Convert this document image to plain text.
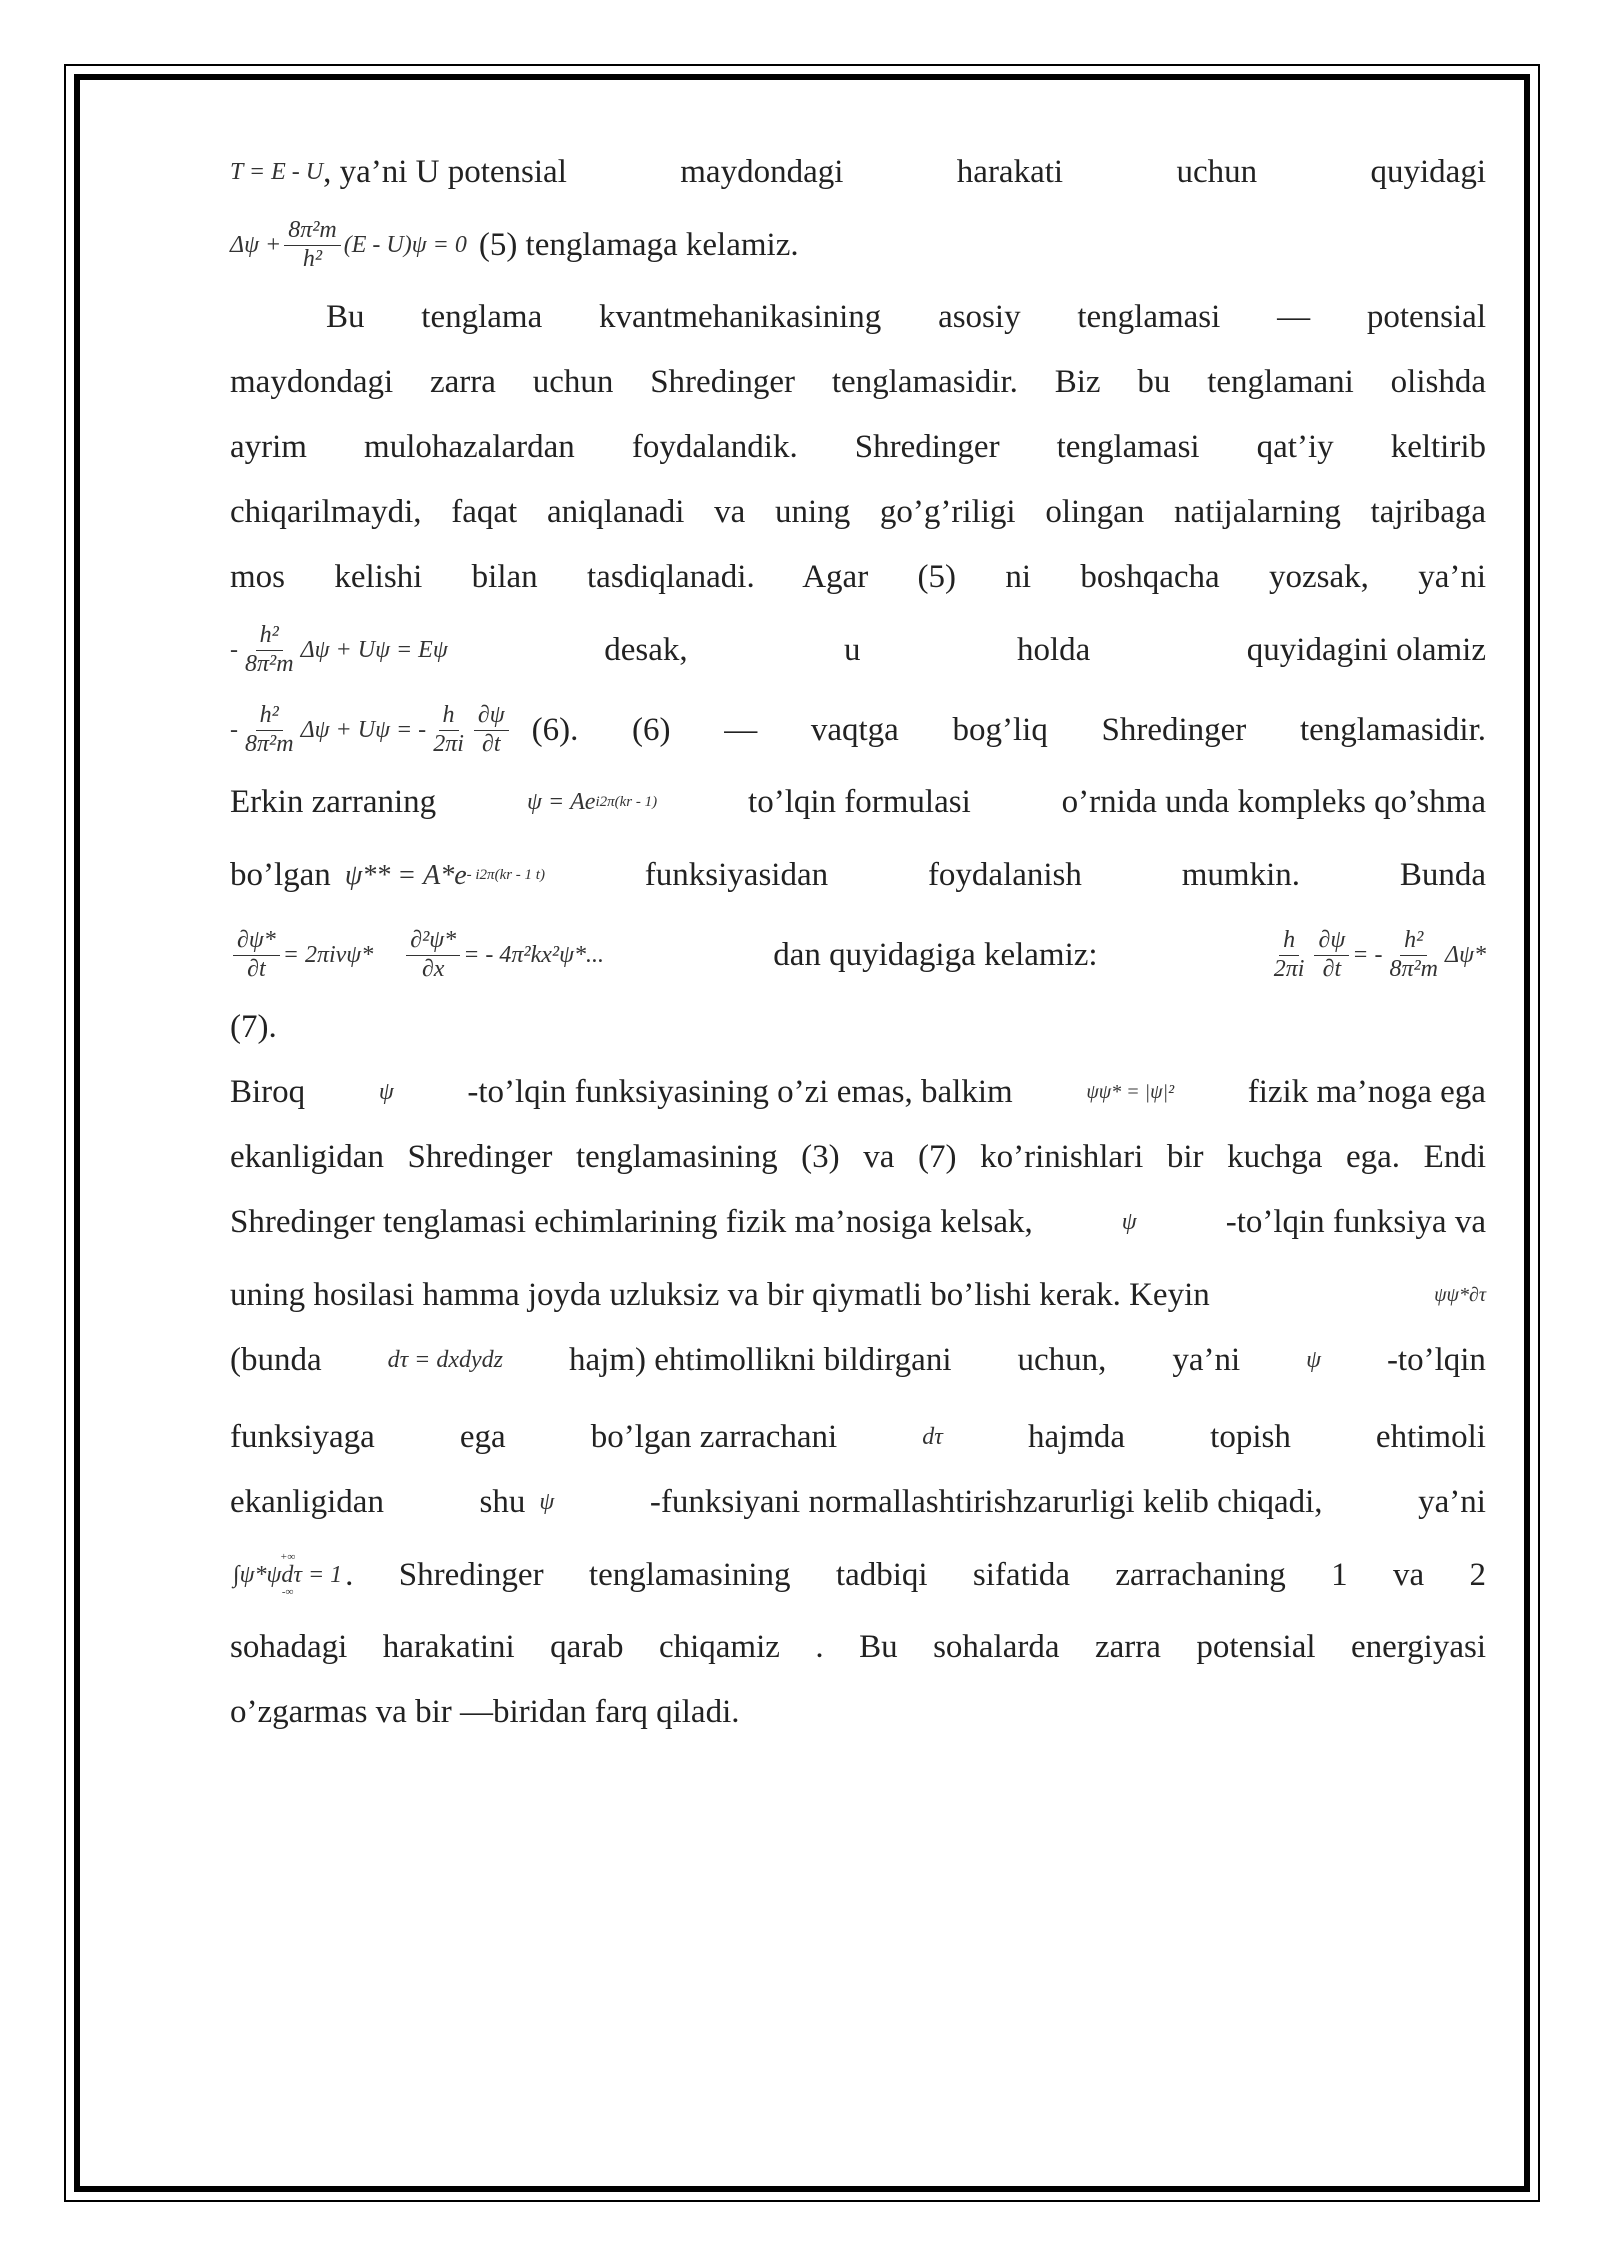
T = E - U , ya’ni U potensial	maydondagi	harakati	uchun	quyidagi
$\Delta\psi + \frac{\text{8π²m}}{\text{h²}} (E - U)\psi = 0$ (5) tenglamaga kelamiz.
Bu tenglama kvantmehanikasining asosiy tenglamasi — potensial
maydondagi zarra uchun Shredinger tenglamasidir. Biz bu tenglamani olishda
ayrim mulohazalardan foydalandik. Shredinger tenglamasi qat’iy keltirib
chiqarilmaydi, faqat aniqlanadi va uning go’g’riligi olingan natijalarning tajribaga
mos kelishi bilan tasdiqlanadi. Agar (5) ni boshqacha yozsak, ya’ni
- $\frac{\text{h²}}{\text{8π²m}}$ Δψ + Uψ = Eψ	desak,	u	holda	quyidagini olamiz
- $\frac{\text{h²}}{\text{8π²m}}$ Δψ + Uψ = - $\frac{h}{2\pi i} \frac{\partial\psi}{\partial t} (6)$. (6) — vaqtga bog’liq Shredinger tenglamasidir.
Erkin zarraning	ψ = Ae i2π(kr - 1)	to’lqin formulasi	o’rnida unda kompleks qo’shma
bo’lgan ψ** = A*e - i2π(kr - 1 t)	funksiyasidan	foydalanish	mumkin.	Bunda
$\frac{\partial\psi*}{\partial t} = 2\pi iv\psi* \frac{\text{∂²ψ*}}{\partial x}$ = - 4π²kx²ψ*...	dan quyidagiga kelamiz:	$\frac{h}{2\pi i} \frac{\partial\psi}{\partial t}$ = - $\frac{\text{h²}}{\text{8π²m}} \Delta\psi*$
(7).
Biroq	ψ -to’lqin funksiyasining o’zi emas, balkim	ψψ* = |ψ|² fizik ma’noga ega
ekanligidan Shredinger tenglamasining (3) va (7) ko’rinishlari bir kuchga ega. Endi
Shredinger tenglamasi echimlarining fizik ma’nosiga kelsak,	ψ	-to’lqin funksiya va
uning hosilasi hamma joyda uzluksiz va bir qiymatli bo’lishi kerak. Keyin	ψψ*∂τ
(bunda	dτ = dxdydz hajm) ehtimollikni bildirgani uchun, ya’ni	ψ -to’lqin
funksiyaga	ega	bo’lgan zarrachani	dτ	hajmda	topish	ehtimoli
ekanligidan	shu ψ	-funksiyani normallashtirishzarurligi kelib chiqadi,	ya’ni
+∞
∫ψ*ψdτ = 1
-∞ . Shredinger tenglamasining tadbiqi sifatida zarrachaning 1 va 2
sohadagi harakatini qarab chiqamiz . Bu sohalarda zarra potensial energiyasi
o’zgarmas va bir —biridan farq qiladi.
